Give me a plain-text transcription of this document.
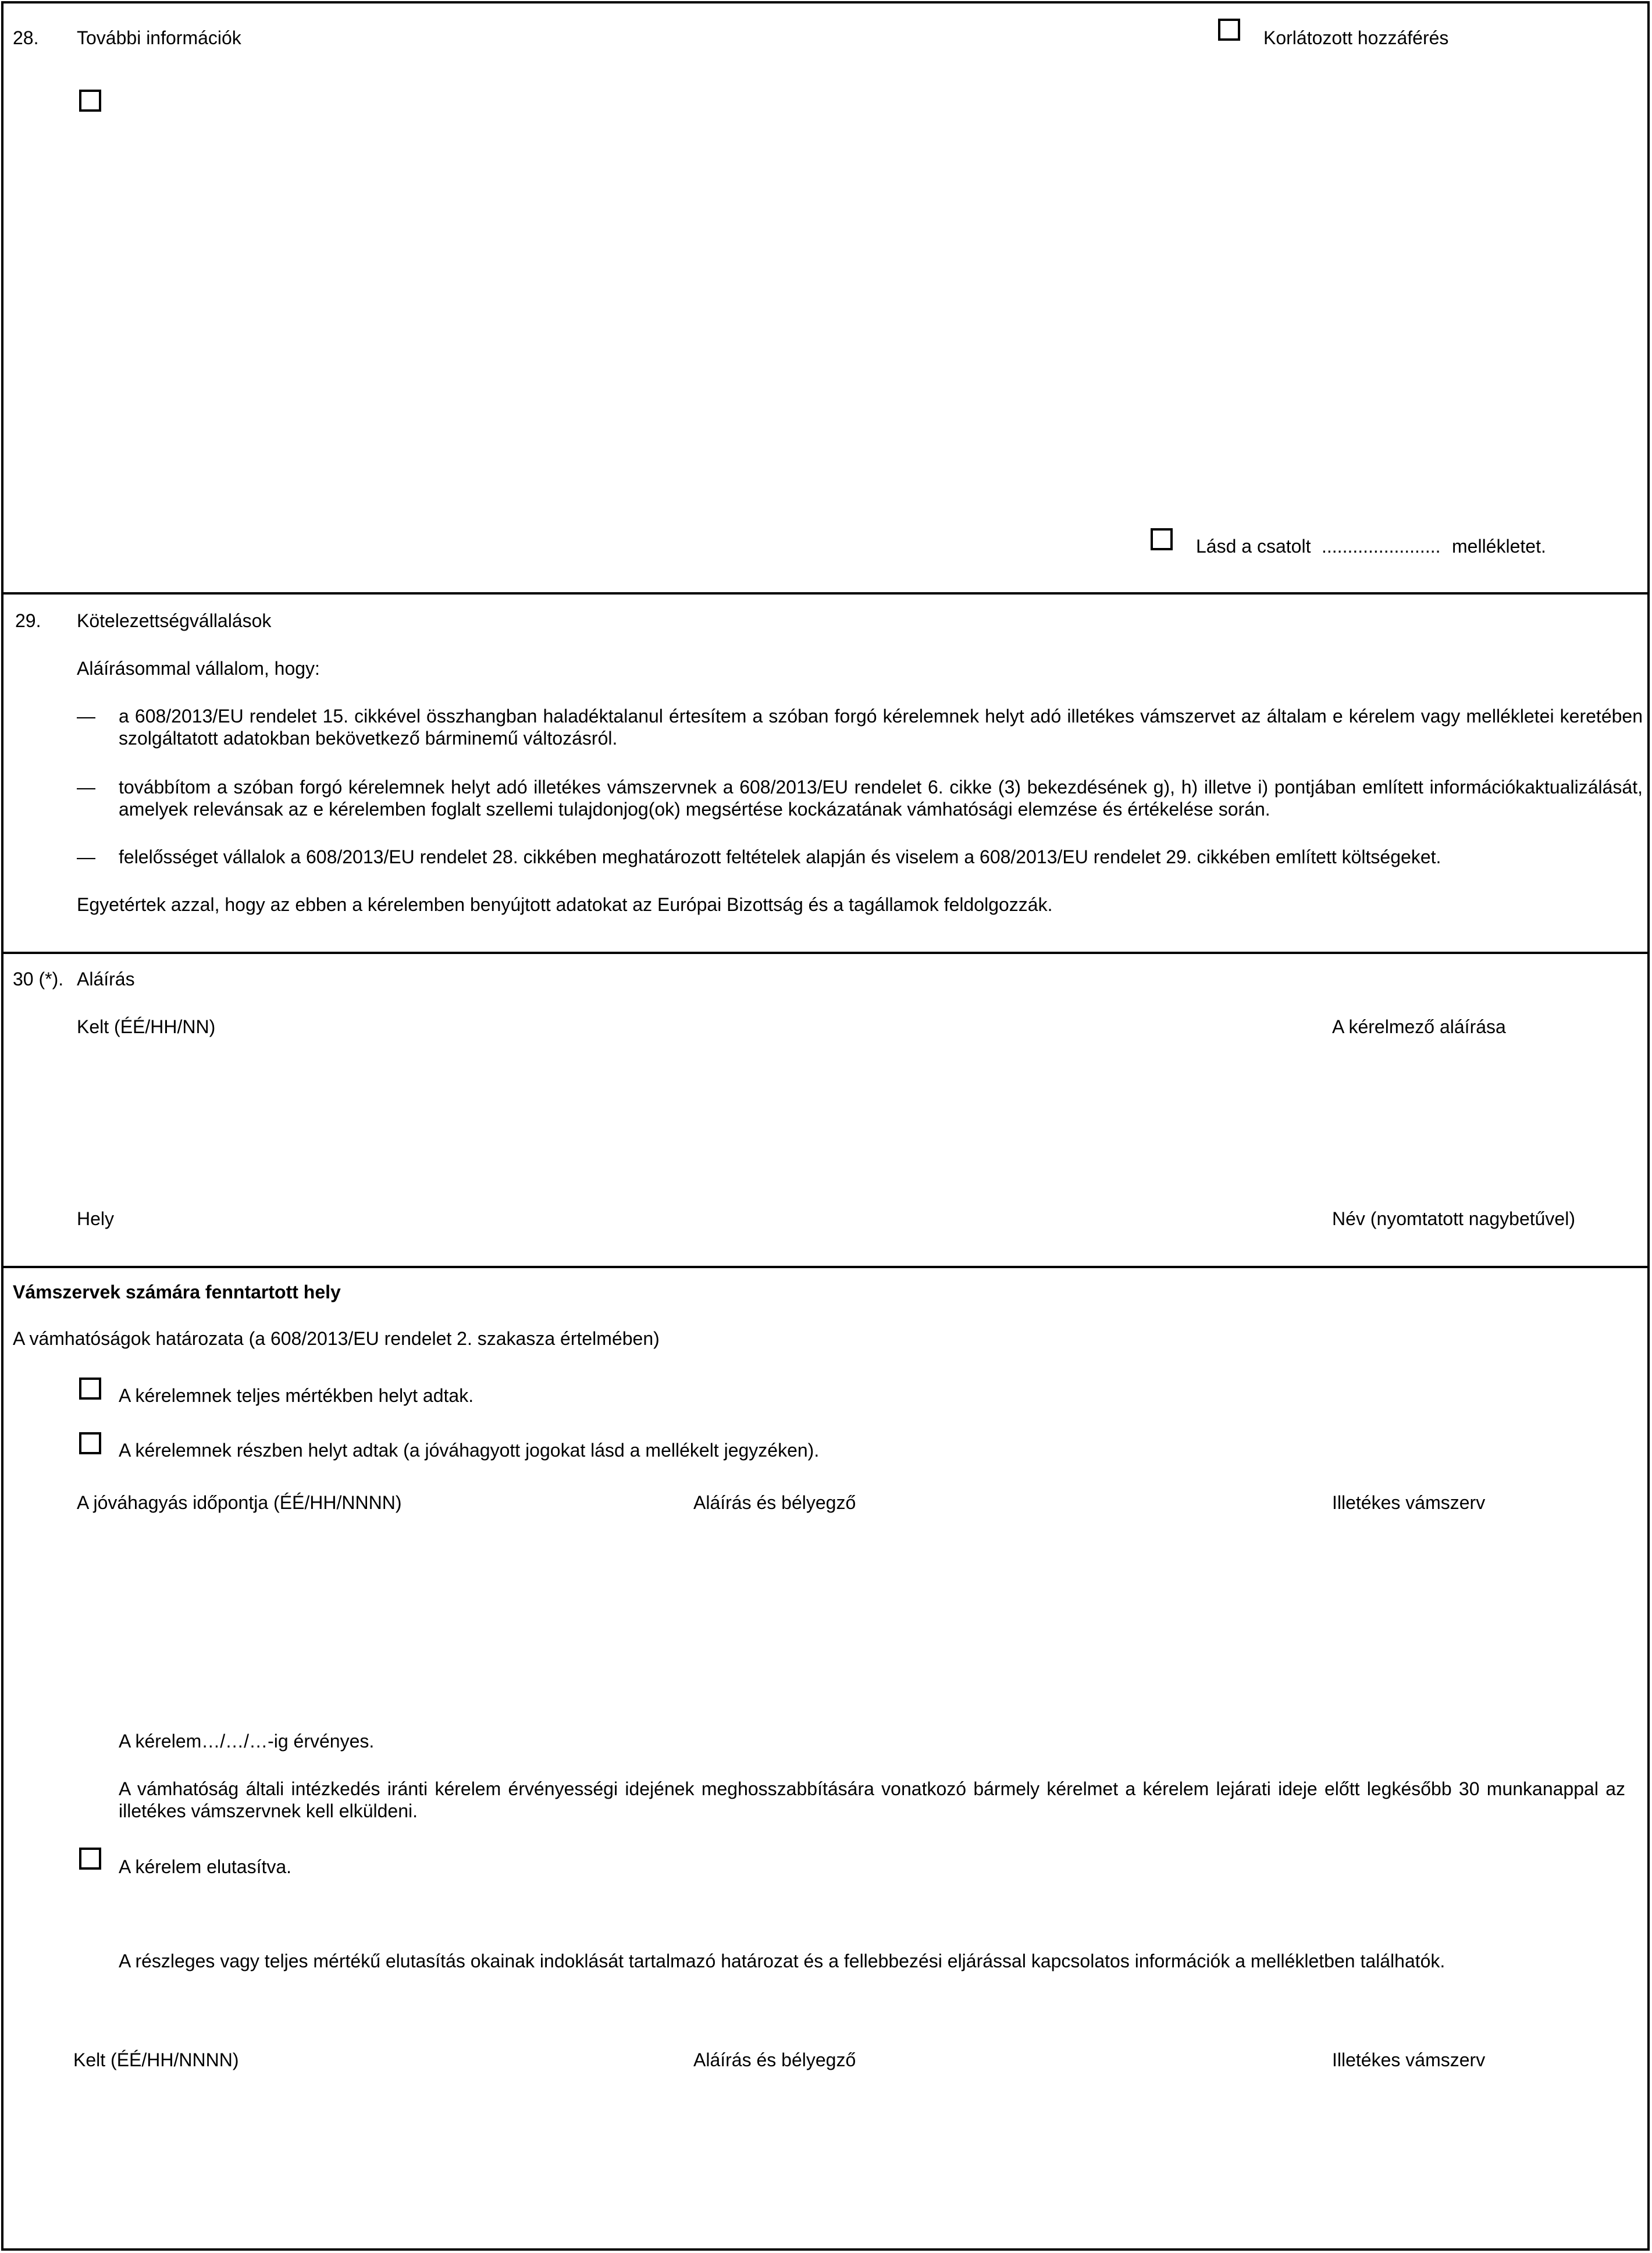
28. További információk	Korlátozott hozzáférés
Lásd a csatolt ....................... mellékletet.
29. Kötelezettségvállalások
Aláírásommal vállalom, hogy:
— a 608/2013/EU rendelet 15. cikkével összhangban haladéktalanul értesítem a szóban forgó kérelemnek helyt adó illetékes vámszervet az általam e kérelem vagy mellékletei keretében szolgáltatott adatokban bekövetkező bárminemű változásról.
— továbbítom a szóban forgó kérelemnek helyt adó illetékes vámszervnek a 608/2013/EU rendelet 6. cikke (3) bekezdésének g), h) illetve i) pontjában említett információkaktualizálását, amelyek relevánsak az e kérelemben foglalt szellemi tulajdonjog(ok) megsértése kockázatának vámhatósági elemzése és értékelése során.
— felelősséget vállalok a 608/2013/EU rendelet 28. cikkében meghatározott feltételek alapján és viselem a 608/2013/EU rendelet 29. cikkében említett költségeket.
Egyetértek azzal, hogy az ebben a kérelemben benyújtott adatokat az Európai Bizottság és a tagállamok feldolgozzák.
30 (*). Aláírás
Kelt (ÉÉ/HH/NN)	A kérelmező aláírása
Hely	Név (nyomtatott nagybetűvel)
Vámszervek számára fenntartott hely
A vámhatóságok határozata (a 608/2013/EU rendelet 2. szakasza értelmében)
A kérelemnek teljes mértékben helyt adtak.
A kérelemnek részben helyt adtak (a jóváhagyott jogokat lásd a mellékelt jegyzéken).
A jóváhagyás időpontja (ÉÉ/HH/NNNN)	Aláírás és bélyegző	Illetékes vámszerv
A kérelem…/…/…-ig érvényes.
A vámhatóság általi intézkedés iránti kérelem érvényességi idejének meghosszabbítására vonatkozó bármely kérelmet a kérelem lejárati ideje előtt legkésőbb 30 munkanappal az illetékes vámszervnek kell elküldeni.
A kérelem elutasítva.
A részleges vagy teljes mértékű elutasítás okainak indoklását tartalmazó határozat és a fellebbezési eljárással kapcsolatos információk a mellékletben találhatók.
Kelt (ÉÉ/HH/NNNN)	Aláírás és bélyegző	Illetékes vámszerv
